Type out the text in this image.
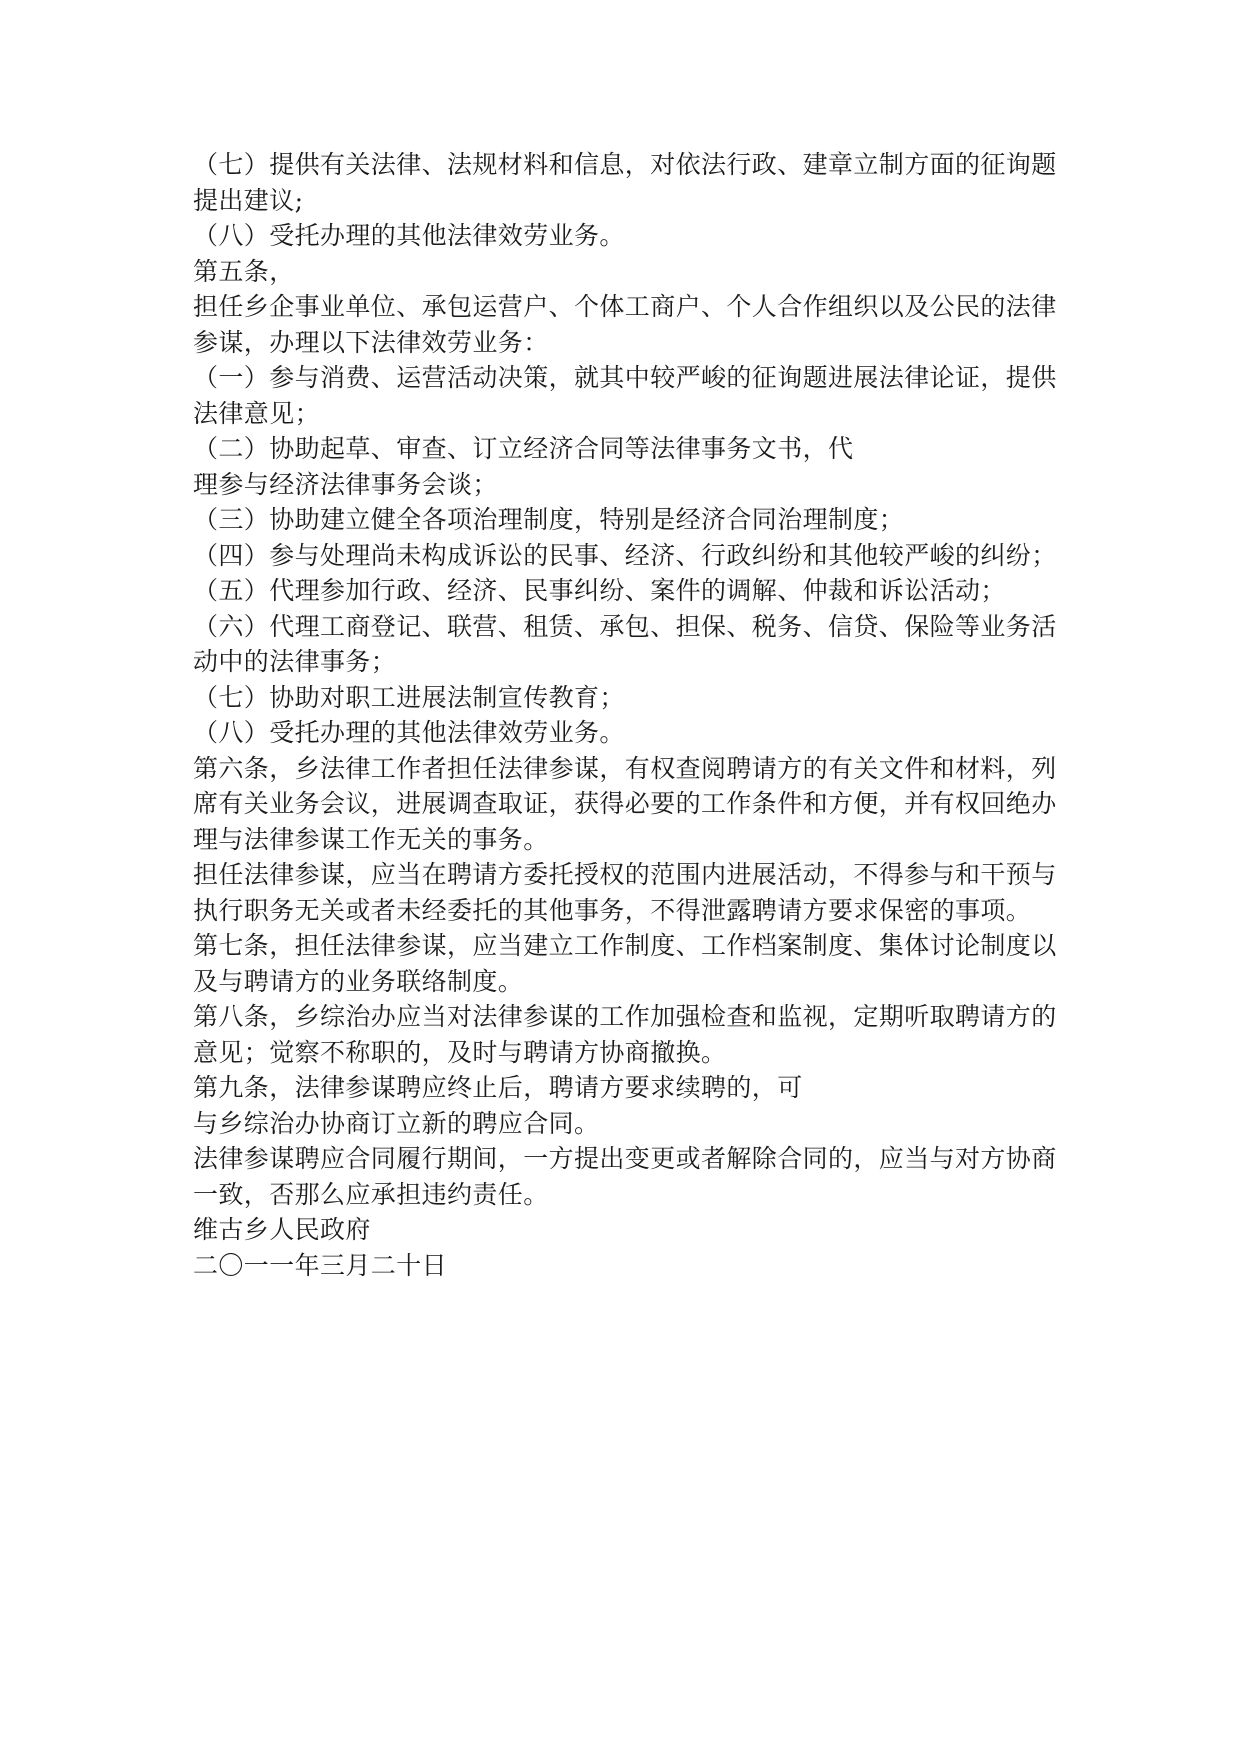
（七）提供有关法律、法规材料和信息，对依法行政、建章立制方面的征询题

提出建议;

（八）受托办理的其他法律效劳业务。

第五条，

担任乡企事业单位、承包运营户、个体工商户、个人合作组织以及公民的法律

参谋，办理以下法律效劳业务：

（一）参与消费、运营活动决策，就其中较严峻的征询题进展法律论证，提供

法律意见；

（二）协助起草、审查、订立经济合同等法律事务文书，代

理参与经济法律事务会谈；

（三）协助建立健全各项治理制度，特别是经济合同治理制度；

（四）参与处理尚未构成诉讼的民事、经济、行政纠纷和其他较严峻的纠纷；

（五）代理参加行政、经济、民事纠纷、案件的调解、仲裁和诉讼活动；

（六）代理工商登记、联营、租赁、承包、担保、税务、信贷、保险等业务活

动中的法律事务；

（七）协助对职工进展法制宣传教育；

（八）受托办理的其他法律效劳业务。

第六条，乡法律工作者担任法律参谋，有权查阅聘请方的有关文件和材料，列

席有关业务会议，进展调查取证，获得必要的工作条件和方便，并有权回绝办

理与法律参谋工作无关的事务。

担任法律参谋，应当在聘请方委托授权的范围内进展活动，不得参与和干预与

执行职务无关或者未经委托的其他事务，不得泄露聘请方要求保密的事项。

第七条，担任法律参谋，应当建立工作制度、工作档案制度、集体讨论制度以

及与聘请方的业务联络制度。

第八条，乡综治办应当对法律参谋的工作加强检查和监视，定期听取聘请方的

意见；觉察不称职的，及时与聘请方协商撤换。

第九条，法律参谋聘应终止后，聘请方要求续聘的，可

与乡综治办协商订立新的聘应合同。

法律参谋聘应合同履行期间，一方提出变更或者解除合同的，应当与对方协商

一致，否那么应承担违约责任。

维古乡人民政府

二〇一一年三月二十日
